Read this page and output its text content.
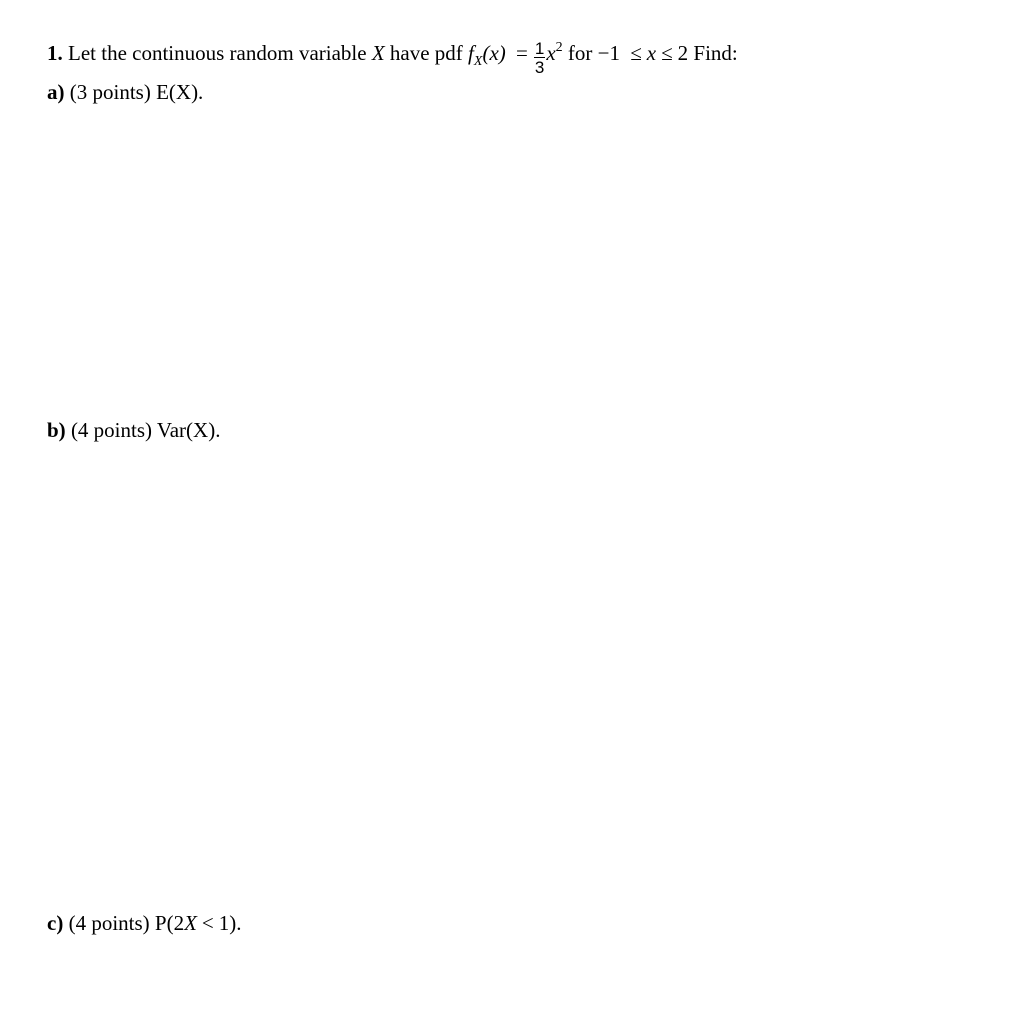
1. Let the continuous random variable X have pdf $f_X(x) = \frac{1}{3} x^2$ for −1 ≤ x ≤ 2 Find:
a) (3 points) E(X).
b) (4 points) Var(X).
c) (4 points) P(2X < 1).
